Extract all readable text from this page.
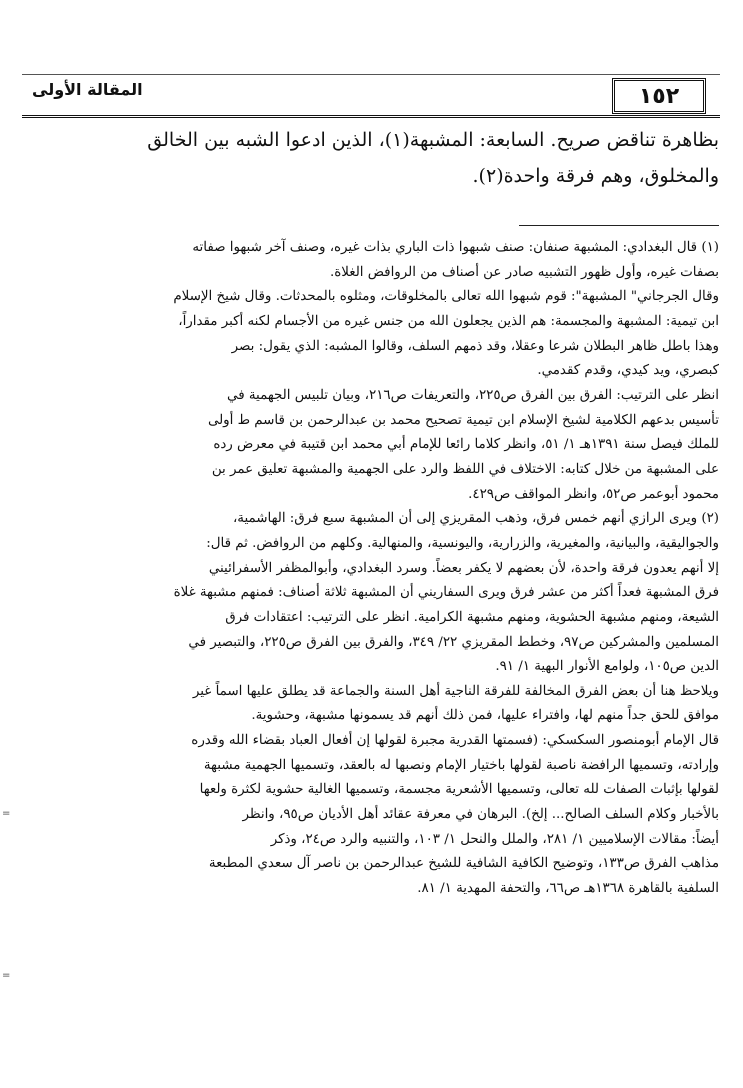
١٥٢
المقالة الأولى
بظاهرة تناقض صريح. السابعة: المشبهة(١)، الذين ادعوا الشبه بين الخالق
والمخلوق، وهم فرقة واحدة(٢).
(١) قال البغدادي: المشبهة صنفان: صنف شبهوا ذات الباري بذات غيره، وصنف آخر شبهوا صفاته
بصفات غيره، وأول ظهور التشبيه صادر عن أصناف من الروافض الغلاة.
وقال الجرجاني" المشبهة": قوم شبهوا الله تعالى بالمخلوقات، ومثلوه بالمحدثات. وقال شيخ الإسلام
ابن تيمية: المشبهة والمجسمة: هم الذين يجعلون الله من جنس غيره من الأجسام لكنه أكبر مقداراً،
وهذا باطل ظاهر البطلان شرعا وعقلا، وقد ذمهم السلف، وقالوا المشبه: الذي يقول: بصر
كبصري، ويد كيدي، وقدم كقدمي.
انظر على الترتيب: الفرق بين الفرق ص٢٢٥، والتعريفات ص٢١٦، وبيان تلبيس الجهمية في
تأسيس بدعهم الكلامية لشيخ الإسلام ابن تيمية تصحيح محمد بن عبدالرحمن بن قاسم ط أولى
للملك فيصل سنة ١٣٩١هـ ١/ ٥١، وانظر كلاما رائعا للإمام أبي محمد ابن قتيبة في معرض رده
على المشبهة من خلال كتابه: الاختلاف في اللفظ والرد على الجهمية والمشبهة تعليق عمر بن
محمود أبوعمر ص٥٢، وانظر المواقف ص٤٢٩.
(٢) ويرى الرازي أنهم خمس فرق، وذهب المقريزي إلى أن المشبهة سبع فرق: الهاشمية،
والجواليقية، والبيانية، والمغيرية، والزرارية، واليونسية، والمنهالية. وكلهم من الروافض. ثم قال:
إلا أنهم يعدون فرقة واحدة، لأن بعضهم لا يكفر بعضاً. وسرد البغدادي، وأبوالمظفر الأسفرائيني
فرق المشبهة فعداً أكثر من عشر فرق ويرى السفاريني أن المشبهة ثلاثة أصناف: فمنهم مشبهة غلاة
الشيعة، ومنهم مشبهة الحشوية، ومنهم مشبهة الكرامية. انظر على الترتيب: اعتقادات فرق
المسلمين والمشركين ص٩٧، وخطط المقريزي ٢٢/ ٣٤٩، والفرق بين الفرق ص٢٢٥، والتبصير في
الدين ص١٠٥، ولوامع الأنوار البهية ١/ ٩١.
ويلاحظ هنا أن بعض الفرق المخالفة للفرقة الناجية أهل السنة والجماعة قد يطلق عليها اسماً غير
موافق للحق جداً منهم لها، وافتراء عليها، فمن ذلك أنهم قد يسمونها مشبهة، وحشوية.
قال الإمام أبومنصور السكسكي: (فسمتها القدرية مجبرة لقولها إن أفعال العباد بقضاء الله وقدره
وإرادته، وتسميها الرافضة ناصبة لقولها باختيار الإمام ونصبها له بالعقد، وتسميها الجهمية مشبهة
لقولها بإثبات الصفات لله تعالى، وتسميها الأشعرية مجسمة، وتسميها الغالية حشوية لكثرة ولعها
بالأخبار وكلام السلف الصالح... إلخ). البرهان في معرفة عقائد أهل الأديان ص٩٥، وانظر
أيضاً: مقالات الإسلاميين ١/ ٢٨١، والملل والنحل ١/ ١٠٣، والتنبيه والرد ص٢٤، وذكر
مذاهب الفرق ص١٣٣، وتوضيح الكافية الشافية للشيخ عبدالرحمن بن ناصر آل سعدي المطبعة
السلفية بالقاهرة ١٣٦٨هـ ص٦٦، والتحفة المهدية ١/ ٨١.
=
=
